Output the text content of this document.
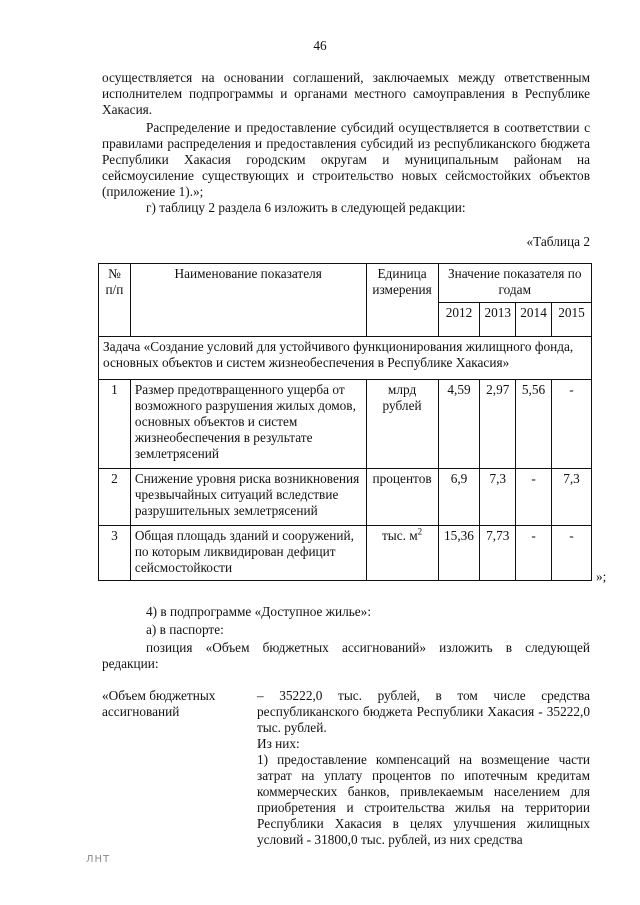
46
осуществляется на основании соглашений, заключаемых между ответственным исполнителем подпрограммы и органами местного самоуправления в Республике Хакасия.
Распределение и предоставление субсидий осуществляется в соответствии с правилами распределения и предоставления субсидий из республиканского бюджета Республики Хакасия городским округам и муниципальным районам на сейсмоусиление существующих и строительство новых сейсмостойких объектов (приложение 1).»;
г) таблицу 2 раздела 6 изложить в следующей редакции:
«Таблица 2
№ п/п	Наименование показателя	Единица измерения	Значение показателя по годам			
			2012	2013	2014	2015
Задача «Создание условий для устойчивого функционирования жилищного фонда, основных объектов и систем жизнеобеспечения в Республике Хакасия»						
1	Размер предотвращенного ущерба от возможного разрушения жилых домов, основных объектов и систем жизнеобеспечения в результате землетрясений	млрд рублей	4,59	2,97	5,56	-
2	Снижение уровня риска возникновения чрезвычайных ситуаций вследствие разрушительных землетрясений	процентов	6,9	7,3	-	7,3
3	Общая площадь зданий и сооружений, по которым ликвидирован дефицит сейсмостойкости	тыс. $м^2$	15,36	7,73	-	-
»;
4) в подпрограмме «Доступное жилье»:
а) в паспорте:
позиция «Объем бюджетных ассигнований» изложить в следующей редакции:
«Объем бюджетных ассигнований
– 35222,0 тыс. рублей, в том числе средства республиканского бюджета Республики Хакасия - 35222,0 тыс. рублей.
Из них:
1) предоставление компенсаций на возмещение части затрат на уплату процентов по ипотечным кредитам коммерческих банков, привлекаемым населением для приобретения и строительства жилья на территории Республики Хакасия в целях улучшения жилищных условий - 31800,0 тыс. рублей, из них средства
ЛНТ
